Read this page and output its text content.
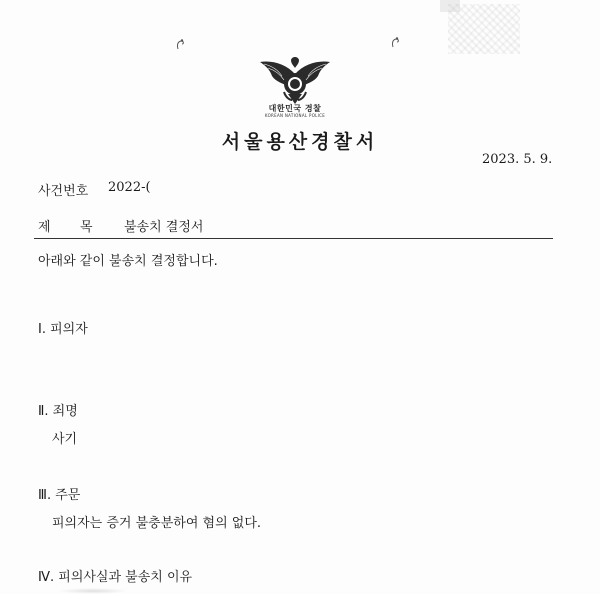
대한민국 경찰
KOREAN NATIONAL POLICE
서울용산경찰서
2023. 5. 9.
사건번호 2022-(
제 목 불송치 결정서
아래와 같이 불송치 결정합니다.
Ⅰ. 피의자
Ⅱ. 죄명
사기
Ⅲ. 주문
피의자는 증거 불충분하여 혐의 없다.
Ⅳ. 피의사실과 불송치 이유
